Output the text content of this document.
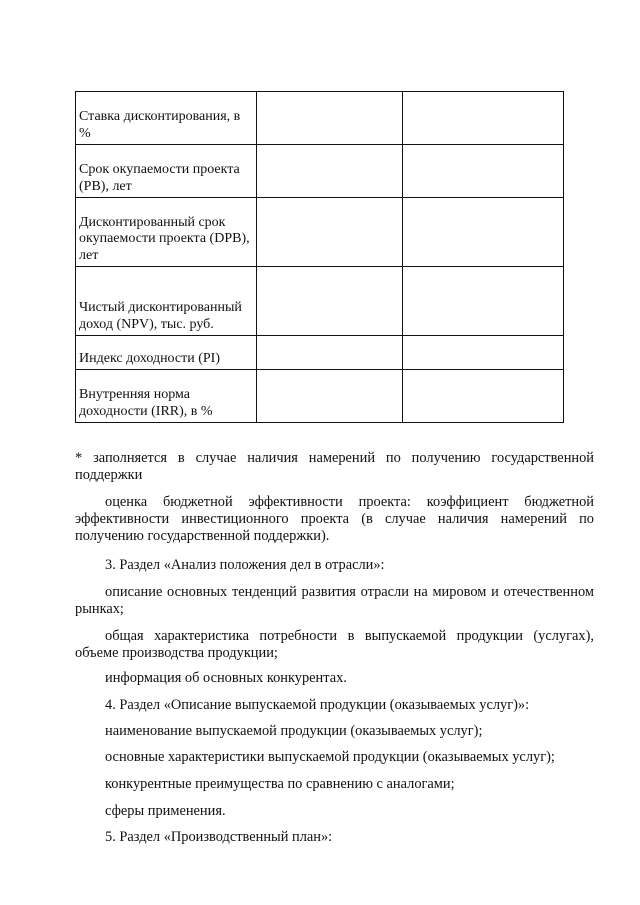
Ставка дисконтирования, в %		
Срок окупаемости проекта (PB), лет		
Дисконтированный срок окупаемости проекта (DPB), лет		
Чистый дисконтированный доход (NPV), тыс. руб.		
Индекс доходности (PI)		
Внутренняя норма доходности (IRR), в %		

* заполняется в случае наличия намерений по получению государственной поддержки

оценка бюджетной эффективности проекта: коэффициент бюджетной эффективности инвестиционного проекта (в случае наличия намерений по получению государственной поддержки).

3. Раздел «Анализ положения дел в отрасли»:

описание основных тенденций развития отрасли на мировом и отечественном рынках;

общая характеристика потребности в выпускаемой продукции (услугах), объеме производства продукции;

информация об основных конкурентах.

4. Раздел «Описание выпускаемой продукции (оказываемых услуг)»:

наименование выпускаемой продукции (оказываемых услуг);

основные характеристики выпускаемой продукции (оказываемых услуг);

конкурентные преимущества по сравнению с аналогами;

сферы применения.

5. Раздел «Производственный план»:
